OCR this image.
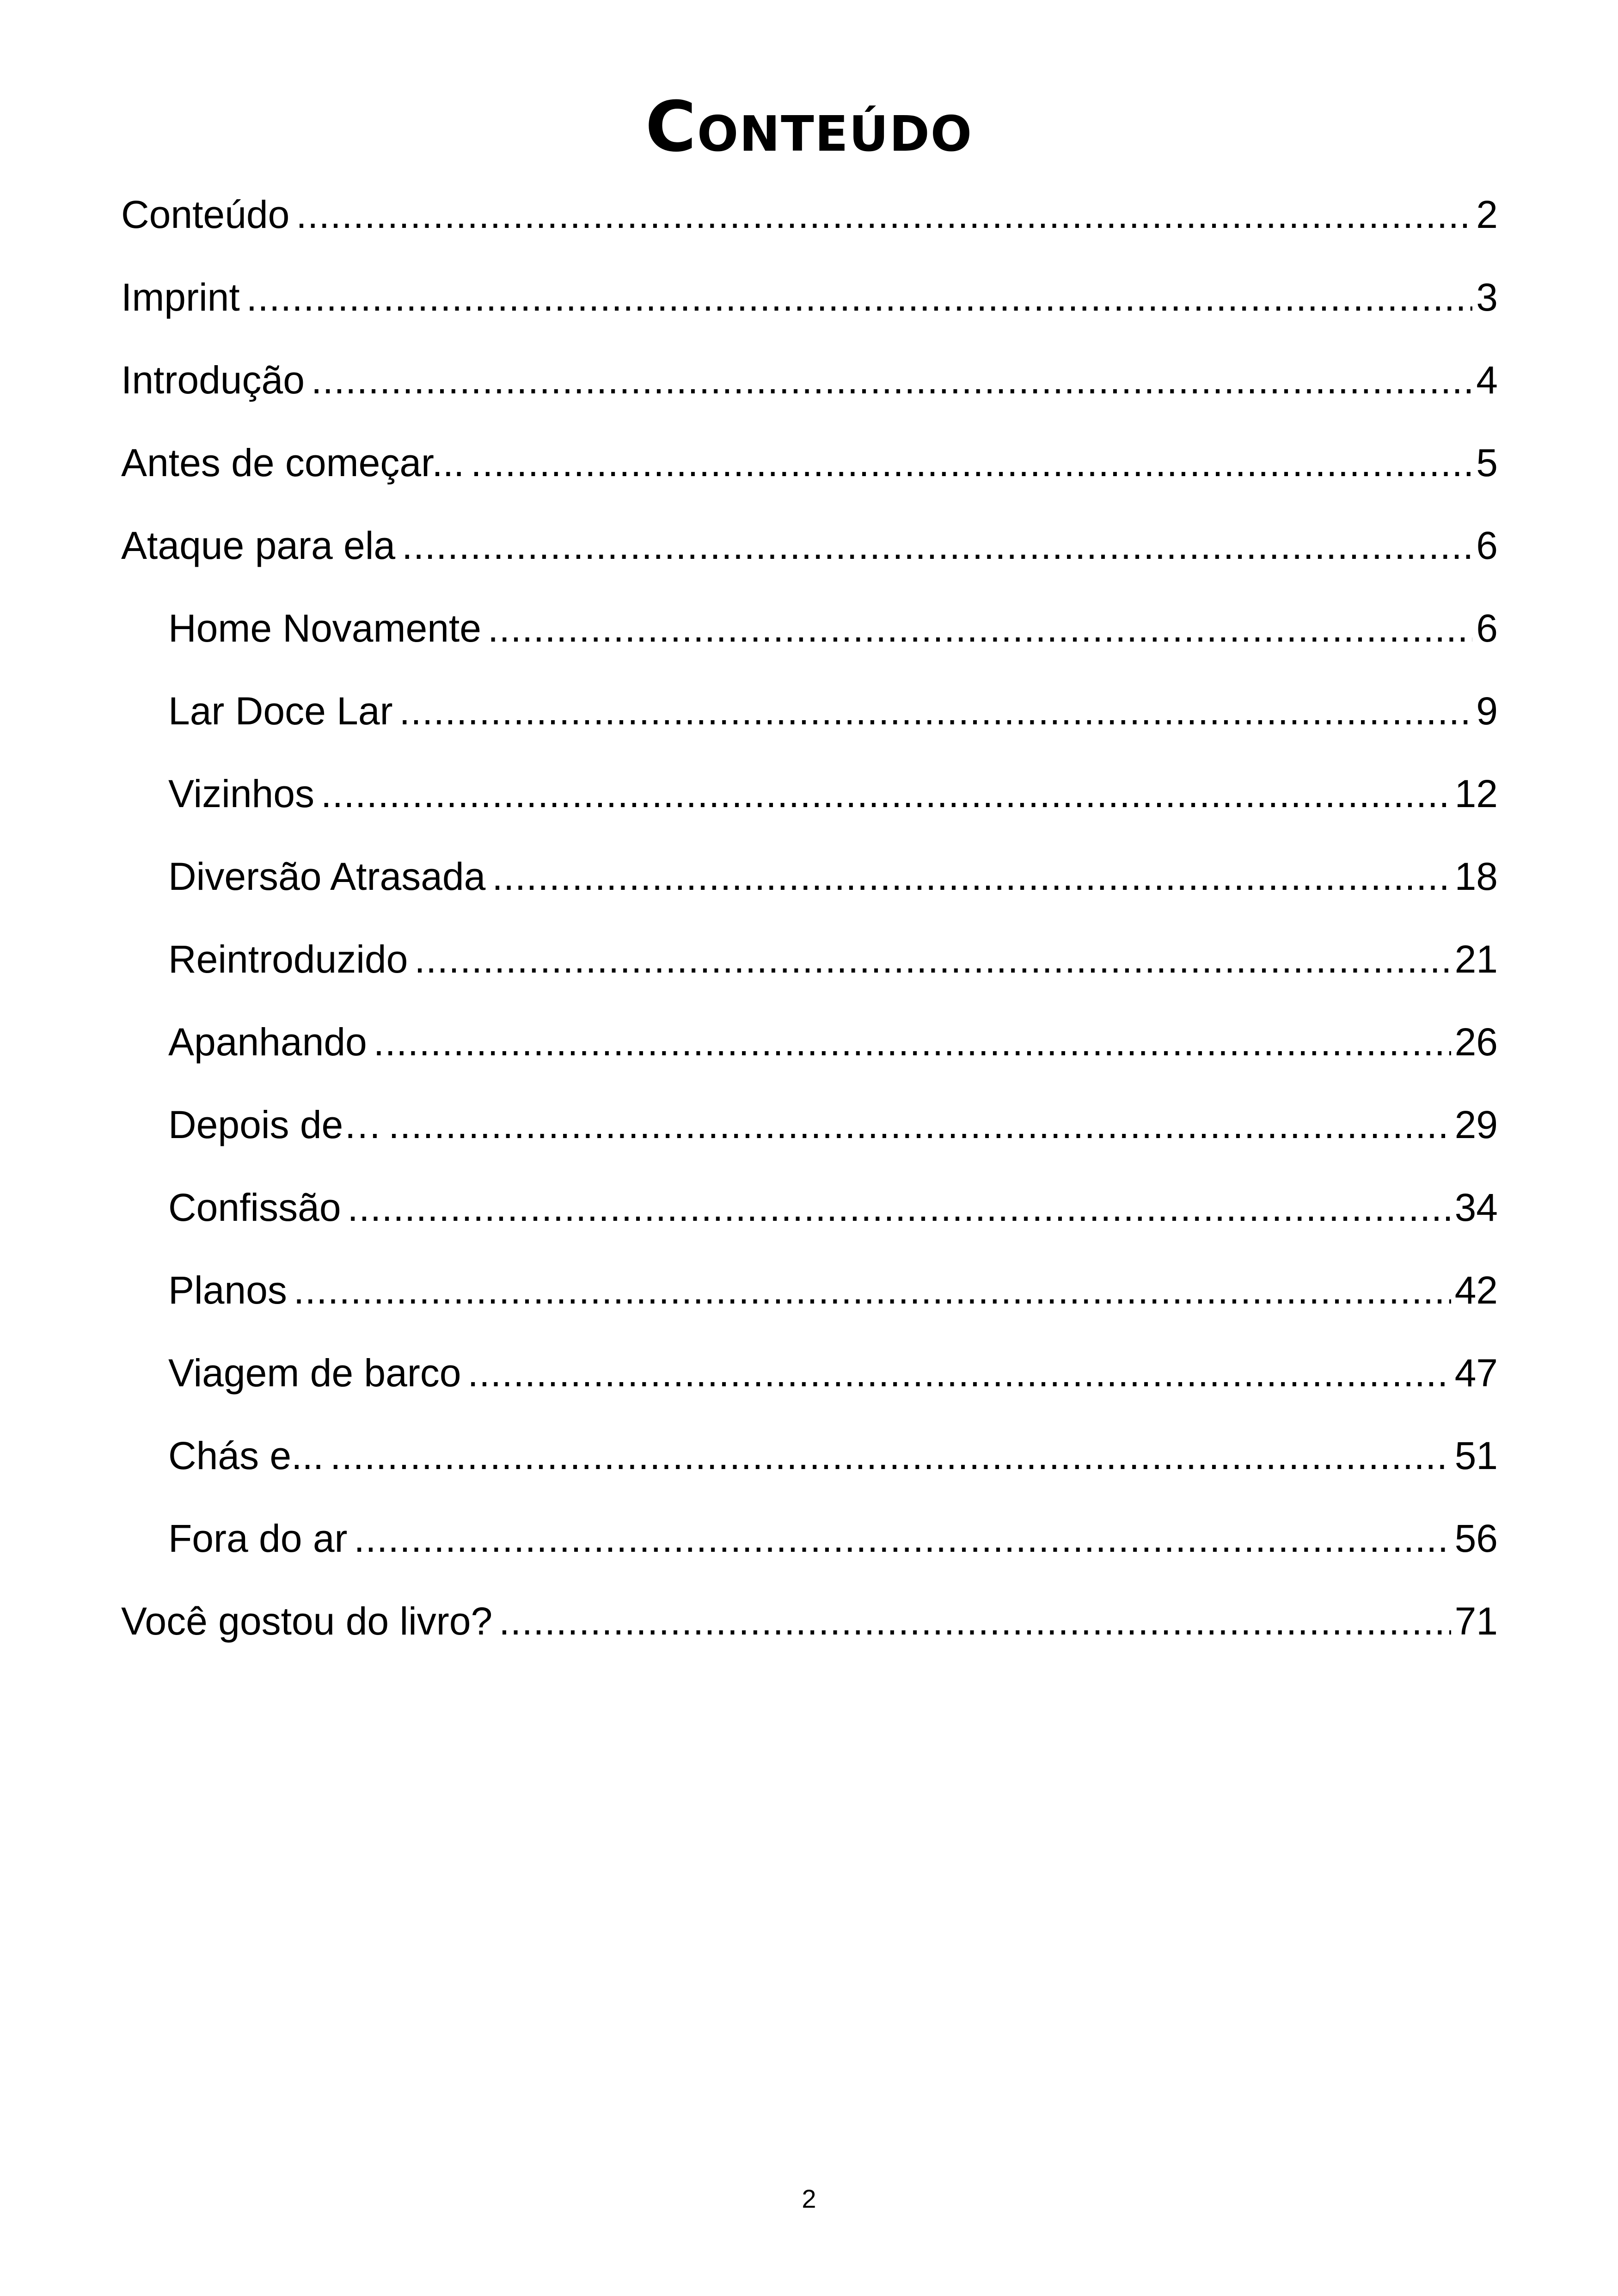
Conteúdo
Conteúdo . . .	2
Imprint . . .	3
Introdução . . .	4
Antes de começar... . . .	5
Ataque para ela . . .	6
Home Novamente . . .	6
Lar Doce Lar . . .	9
Vizinhos . . .	12
Diversão Atrasada . . .	18
Reintroduzido . . .	21
Apanhando . . .	26
Depois de… . . .	29
Confissão . . .	34
Planos . . .	42
Viagem de barco . . .	47
Chás e... . . .	51
Fora do ar . . .	56
Você gostou do livro? . . .	71
2
